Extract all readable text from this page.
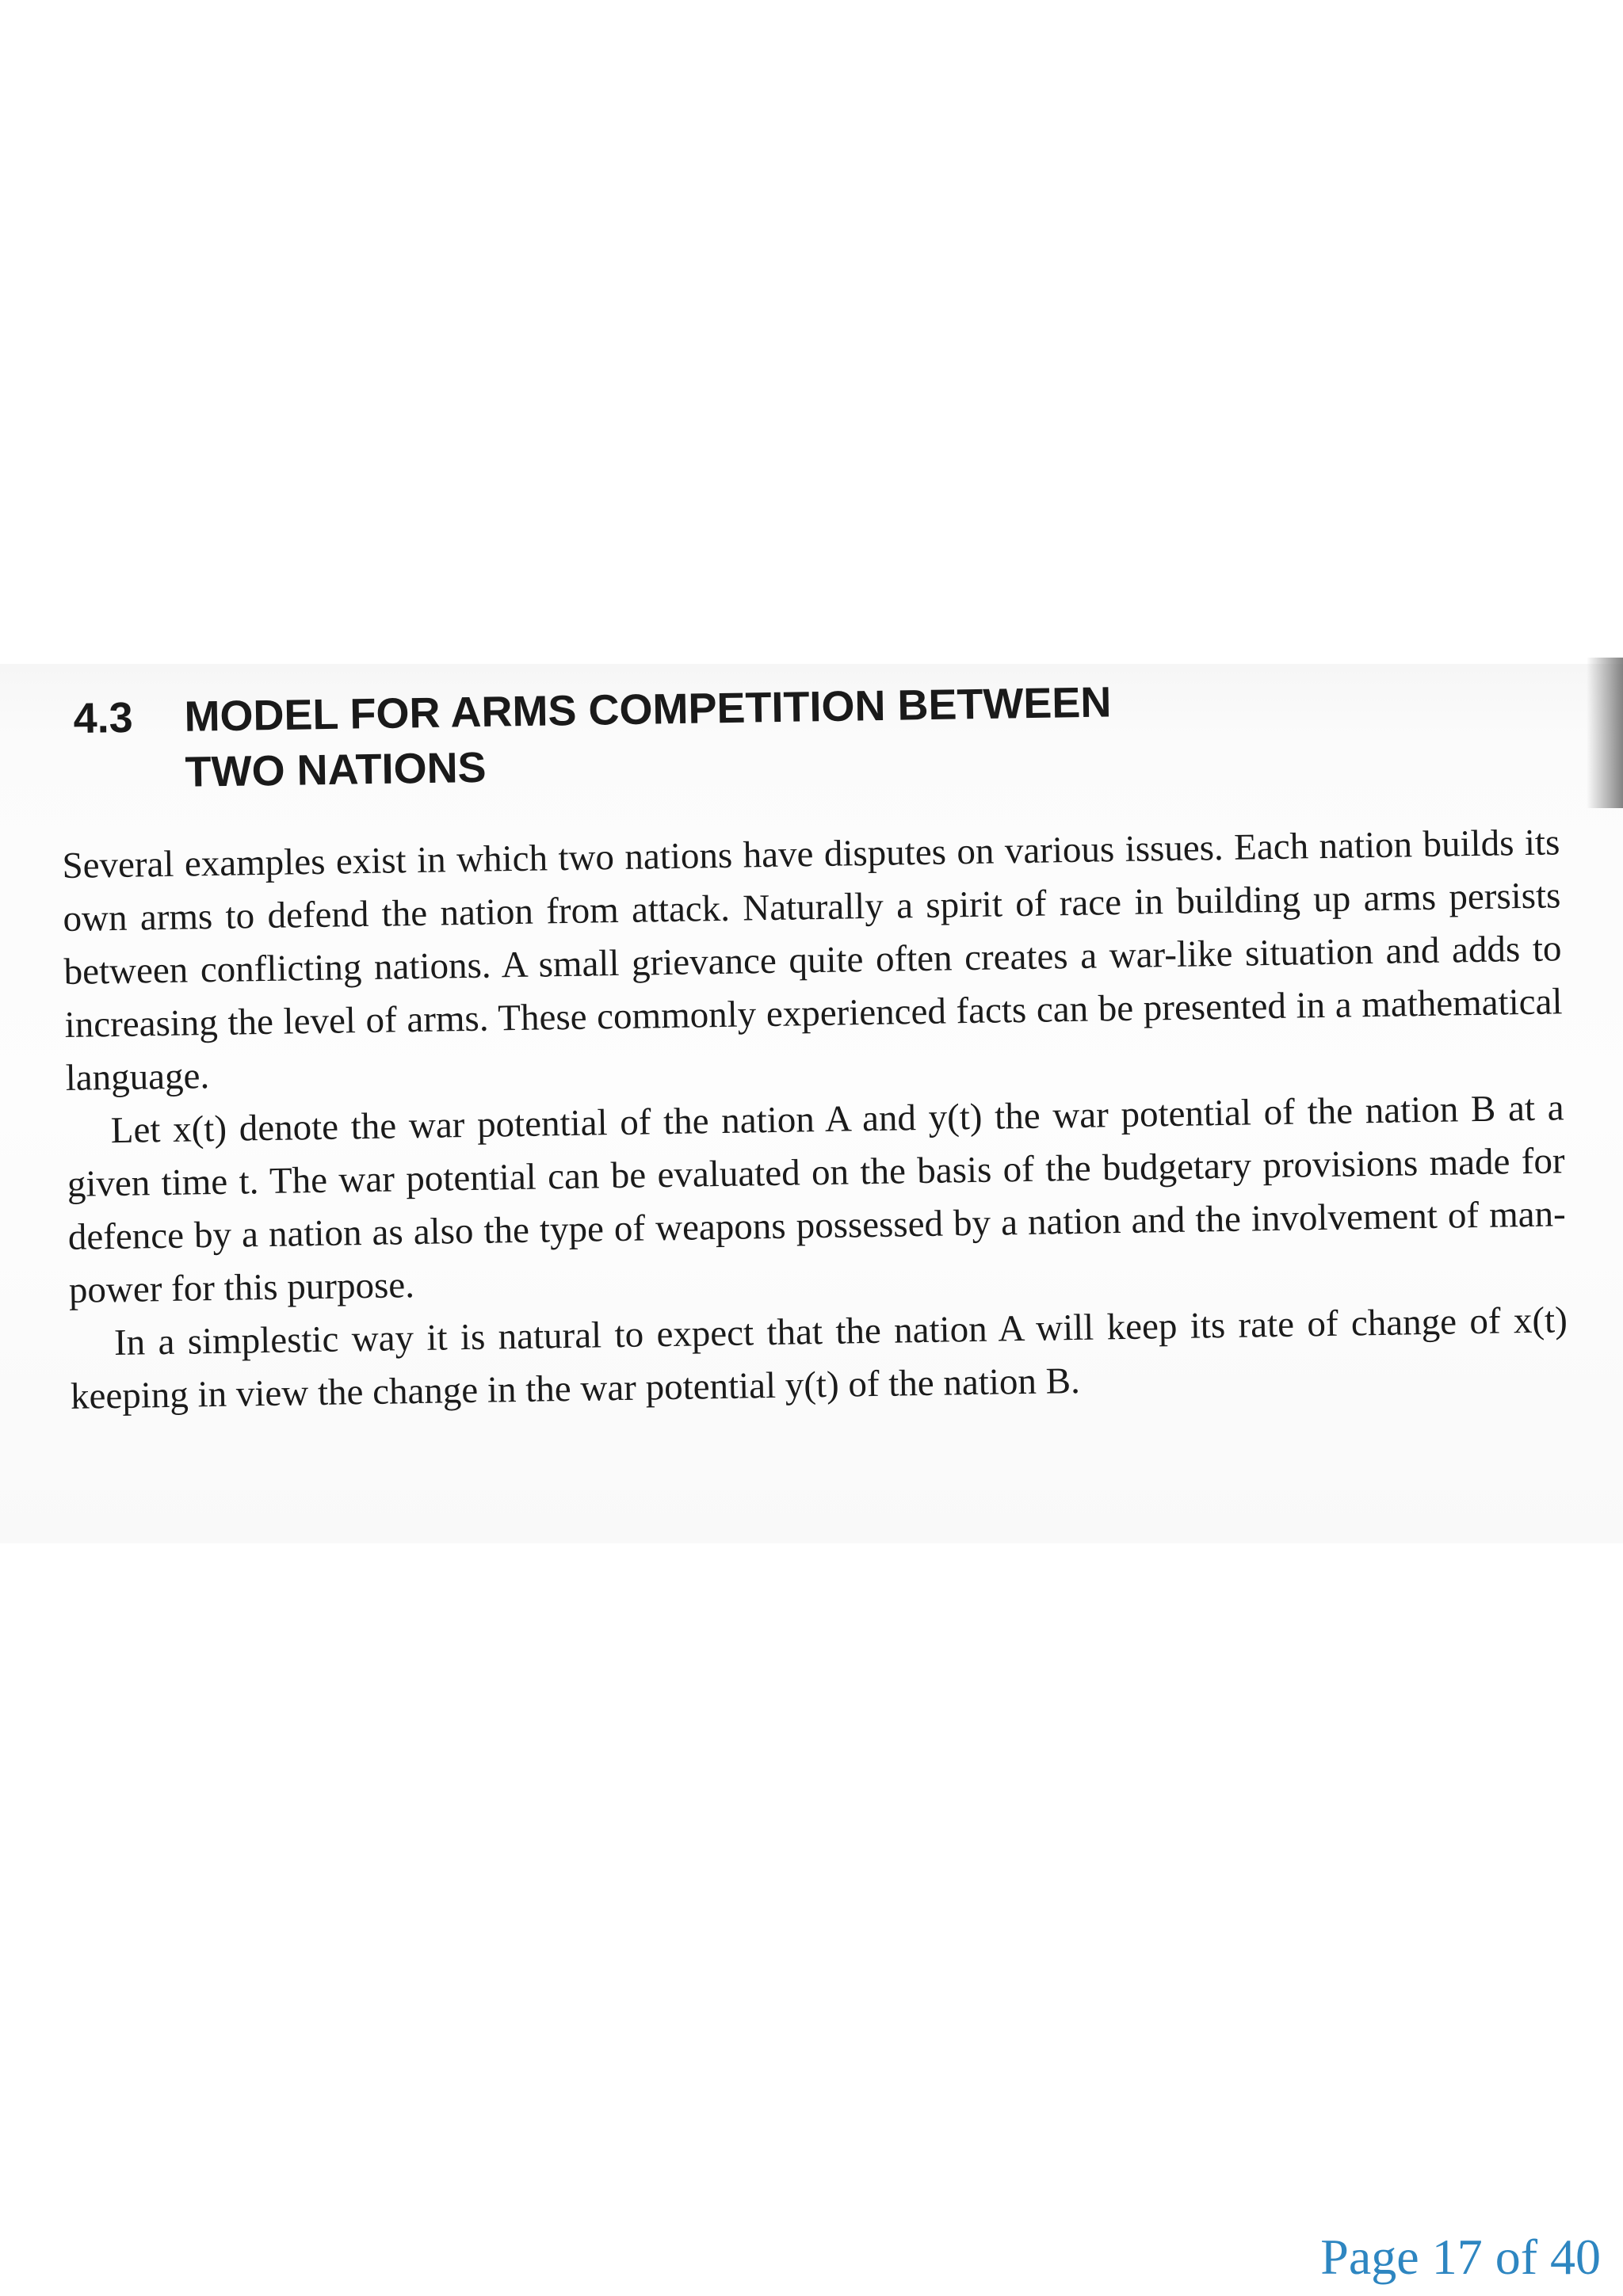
4.3 MODEL FOR ARMS COMPETITION BETWEEN
TWO NATIONS

Several examples exist in which two nations have disputes on various issues. Each nation builds its own arms to defend the nation from attack. Naturally a spirit of race in building up arms persists between conflicting nations. A small grievance quite often creates a war-like situation and adds to increasing the level of arms. These commonly experienced facts can be presented in a mathematical language.

Let x(t) denote the war potential of the nation A and y(t) the war potential of the nation B at a given time t. The war potential can be evaluated on the basis of the budgetary provisions made for defence by a nation as also the type of weapons possessed by a nation and the involvement of man-power for this purpose.

In a simplestic way it is natural to expect that the nation A will keep its rate of change of x(t) keeping in view the change in the war potential y(t) of the nation B.

Page 17 of 40
